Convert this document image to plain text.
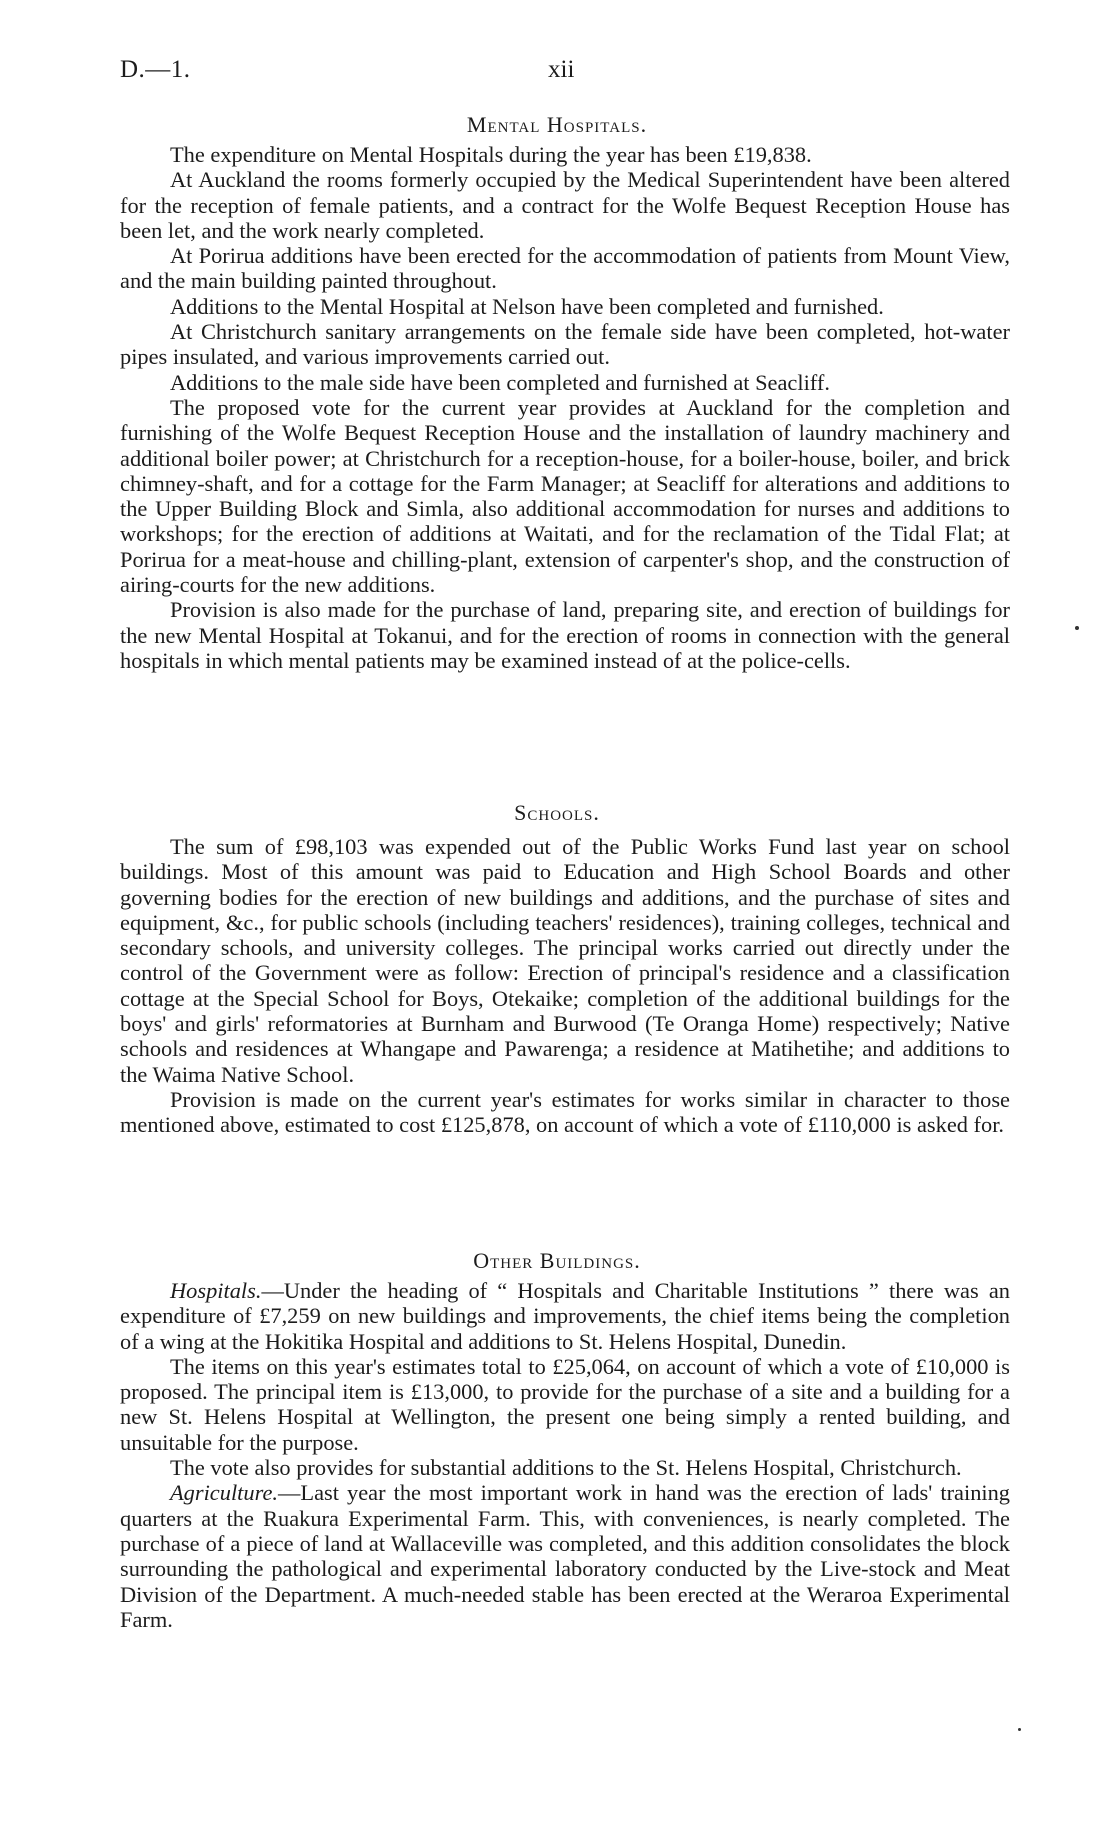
D.—1.	xii
Mental Hospitals.

The expenditure on Mental Hospitals during the year has been £19,838.

At Auckland the rooms formerly occupied by the Medical Superintendent have been altered for the reception of female patients, and a contract for the Wolfe Bequest Reception House has been let, and the work nearly completed.

At Porirua additions have been erected for the accommodation of patients from Mount View, and the main building painted throughout.

Additions to the Mental Hospital at Nelson have been completed and furnished.

At Christchurch sanitary arrangements on the female side have been completed, hot-water pipes insulated, and various improvements carried out.

Additions to the male side have been completed and furnished at Seacliff.

The proposed vote for the current year provides at Auckland for the completion and furnishing of the Wolfe Bequest Reception House and the installation of laundry machinery and additional boiler power; at Christchurch for a reception-house, for a boiler-house, boiler, and brick chimney-shaft, and for a cottage for the Farm Manager; at Seacliff for alterations and additions to the Upper Building Block and Simla, also additional accommodation for nurses and additions to workshops; for the erection of additions at Waitati, and for the reclamation of the Tidal Flat; at Porirua for a meat-house and chilling-plant, extension of carpenter's shop, and the construction of airing-courts for the new additions.

Provision is also made for the purchase of land, preparing site, and erection of buildings for the new Mental Hospital at Tokanui, and for the erection of rooms in connection with the general hospitals in which mental patients may be examined instead of at the police-cells.

Schools.

The sum of £98,103 was expended out of the Public Works Fund last year on school buildings. Most of this amount was paid to Education and High School Boards and other governing bodies for the erection of new buildings and additions, and the purchase of sites and equipment, &c., for public schools (including teachers' residences), training colleges, technical and secondary schools, and university colleges. The principal works carried out directly under the control of the Government were as follow: Erection of principal's residence and a classification cottage at the Special School for Boys, Otekaike; completion of the additional buildings for the boys' and girls' reformatories at Burnham and Burwood (Te Oranga Home) respectively; Native schools and residences at Whangape and Pawarenga; a residence at Matihetihe; and additions to the Waima Native School.

Provision is made on the current year's estimates for works similar in character to those mentioned above, estimated to cost £125,878, on account of which a vote of £110,000 is asked for.

Other Buildings.

Hospitals.—Under the heading of “ Hospitals and Charitable Institutions ” there was an expenditure of £7,259 on new buildings and improvements, the chief items being the completion of a wing at the Hokitika Hospital and additions to St. Helens Hospital, Dunedin.

The items on this year's estimates total to £25,064, on account of which a vote of £10,000 is proposed. The principal item is £13,000, to provide for the purchase of a site and a building for a new St. Helens Hospital at Wellington, the present one being simply a rented building, and unsuitable for the purpose.

The vote also provides for substantial additions to the St. Helens Hospital, Christchurch.

Agriculture.—Last year the most important work in hand was the erection of lads' training quarters at the Ruakura Experimental Farm. This, with conveniences, is nearly completed. The purchase of a piece of land at Wallaceville was completed, and this addition consolidates the block surrounding the pathological and experimental laboratory conducted by the Live-stock and Meat Division of the Department. A much-needed stable has been erected at the Weraroa Experimental Farm.
